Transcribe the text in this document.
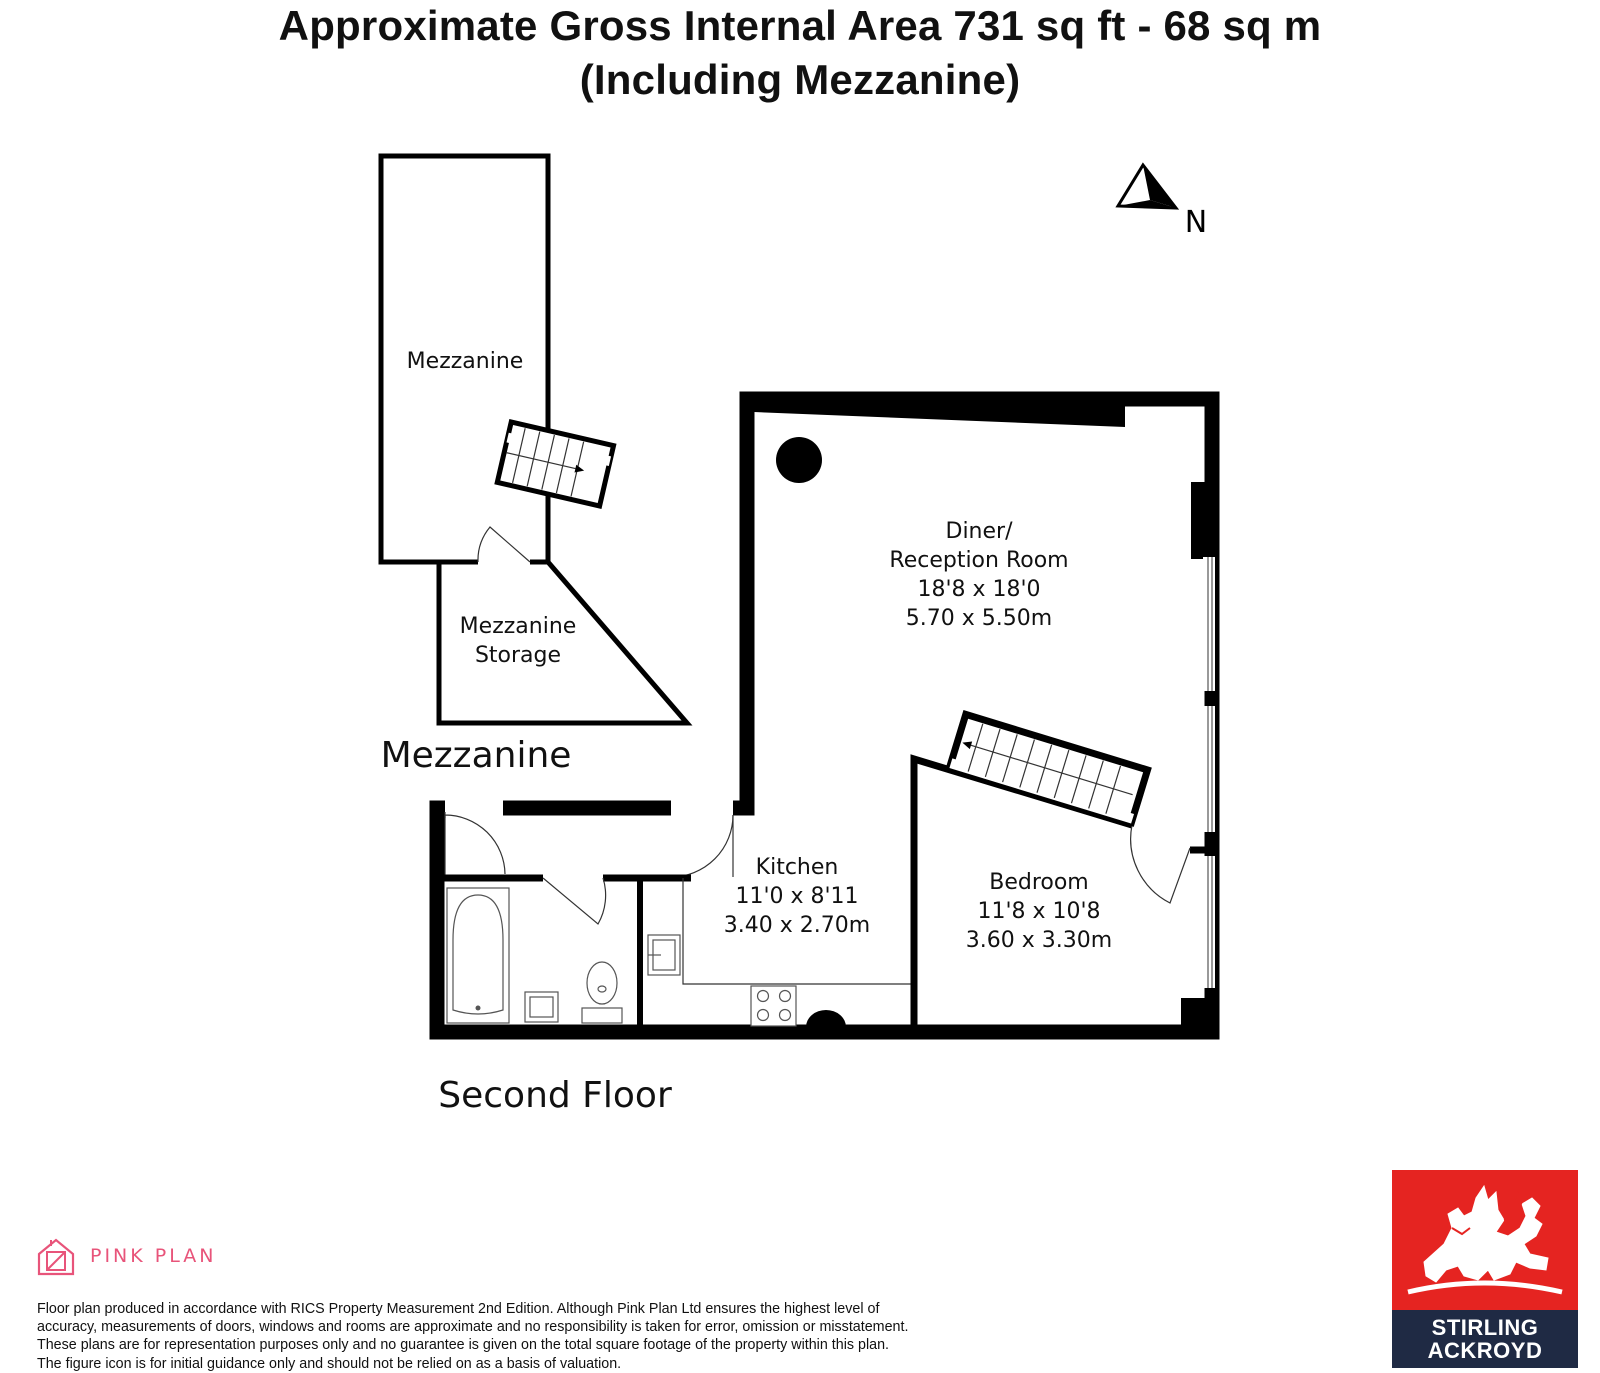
Approximate Gross Internal Area 731 sq ft - 68 sq m
(Including Mezzanine)
N
Mezzanine
Mezzanine
Storage
Mezzanine
Diner/
Reception Room
18'8 x 18'0
5.70 x 5.50m
Kitchen
11'0 x 8'11
3.40 x 2.70m
Bedroom
11'8 x 10'8
3.60 x 3.30m
Second Floor
PINK PLAN
Floor plan produced in accordance with RICS Property Measurement 2nd Edition. Although Pink Plan Ltd ensures the highest level of accuracy, measurements of doors, windows and rooms are approximate and no responsibility is taken for error, omission or misstatement. These plans are for representation purposes only and no guarantee is given on the total square footage of the property within this plan. The figure icon is for initial guidance only and should not be relied on as a basis of valuation.
STIRLING
ACKROYD
